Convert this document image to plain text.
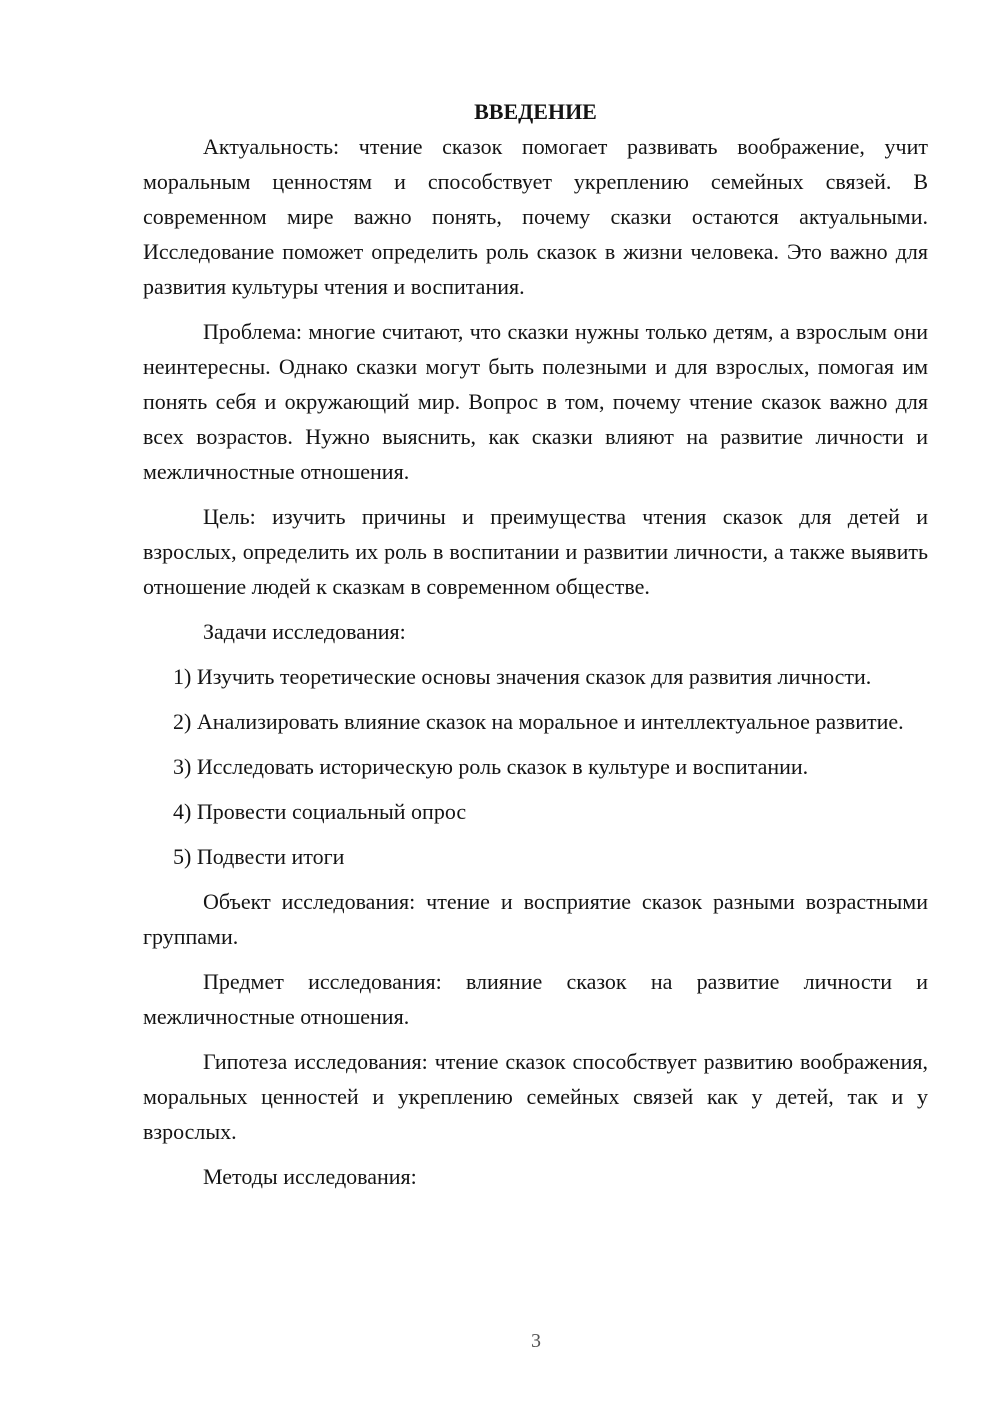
ВВЕДЕНИЕ

Актуальность: чтение сказок помогает развивать воображение, учит моральным ценностям и способствует укреплению семейных связей. В современном мире важно понять, почему сказки остаются актуальными. Исследование поможет определить роль сказок в жизни человека. Это важно для развития культуры чтения и воспитания.

Проблема: многие считают, что сказки нужны только детям, а взрослым они неинтересны. Однако сказки могут быть полезными и для взрослых, помогая им понять себя и окружающий мир. Вопрос в том, почему чтение сказок важно для всех возрастов. Нужно выяснить, как сказки влияют на развитие личности и межличностные отношения.

Цель: изучить причины и преимущества чтения сказок для детей и взрослых, определить их роль в воспитании и развитии личности, а также выявить отношение людей к сказкам в современном обществе.

Задачи исследования:

1) Изучить теоретические основы значения сказок для развития личности.

2) Анализировать влияние сказок на моральное и интеллектуальное развитие.

3) Исследовать историческую роль сказок в культуре и воспитании.

4) Провести социальный опрос

5) Подвести итоги

Объект исследования: чтение и восприятие сказок разными возрастными группами.

Предмет исследования: влияние сказок на развитие личности и межличностные отношения.

Гипотеза исследования: чтение сказок способствует развитию воображения, моральных ценностей и укреплению семейных связей как у детей, так и у взрослых.

Методы исследования:

3
